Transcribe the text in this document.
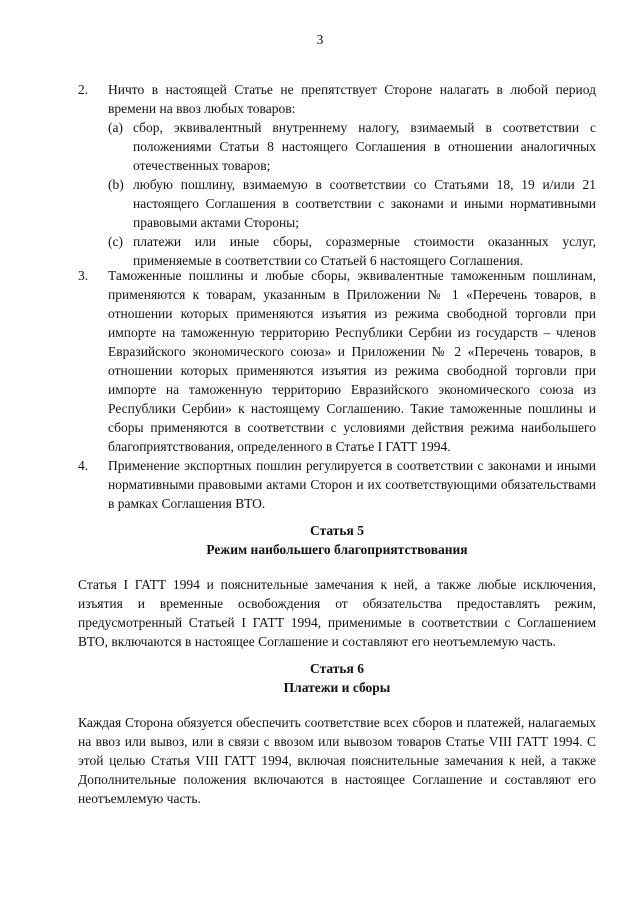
3
2. Ничто в настоящей Статье не препятствует Стороне налагать в любой период времени на ввоз любых товаров:
(a) сбор, эквивалентный внутреннему налогу, взимаемый в соответствии с положениями Статьи 8 настоящего Соглашения в отношении аналогичных отечественных товаров;
(b) любую пошлину, взимаемую в соответствии со Статьями 18, 19 и/или 21 настоящего Соглашения в соответствии с законами и иными нормативными правовыми актами Стороны;
(c) платежи или иные сборы, соразмерные стоимости оказанных услуг, применяемые в соответствии со Статьей 6 настоящего Соглашения.
3. Таможенные пошлины и любые сборы, эквивалентные таможенным пошлинам, применяются к товарам, указанным в Приложении № 1 «Перечень товаров, в отношении которых применяются изъятия из режима свободной торговли при импорте на таможенную территорию Республики Сербии из государств – членов Евразийского экономического союза» и Приложении № 2 «Перечень товаров, в отношении которых применяются изъятия из режима свободной торговли при импорте на таможенную территорию Евразийского экономического союза из Республики Сербии» к настоящему Соглашению. Такие таможенные пошлины и сборы применяются в соответствии с условиями действия режима наибольшего благоприятствования, определенного в Статье I ГАТТ 1994.
4. Применение экспортных пошлин регулируется в соответствии с законами и иными нормативными правовыми актами Сторон и их соответствующими обязательствами в рамках Соглашения ВТО.
Статья 5
Режим наибольшего благоприятствования
Статья I ГАТТ 1994 и пояснительные замечания к ней, а также любые исключения, изъятия и временные освобождения от обязательства предоставлять режим, предусмотренный Статьей I ГАТТ 1994, применимые в соответствии с Соглашением ВТО, включаются в настоящее Соглашение и составляют его неотъемлемую часть.
Статья 6
Платежи и сборы
Каждая Сторона обязуется обеспечить соответствие всех сборов и платежей, налагаемых на ввоз или вывоз, или в связи с ввозом или вывозом товаров Статье VIII ГАТТ 1994. С этой целью Статья VIII ГАТТ 1994, включая пояснительные замечания к ней, а также Дополнительные положения включаются в настоящее Соглашение и составляют его неотъемлемую часть.
